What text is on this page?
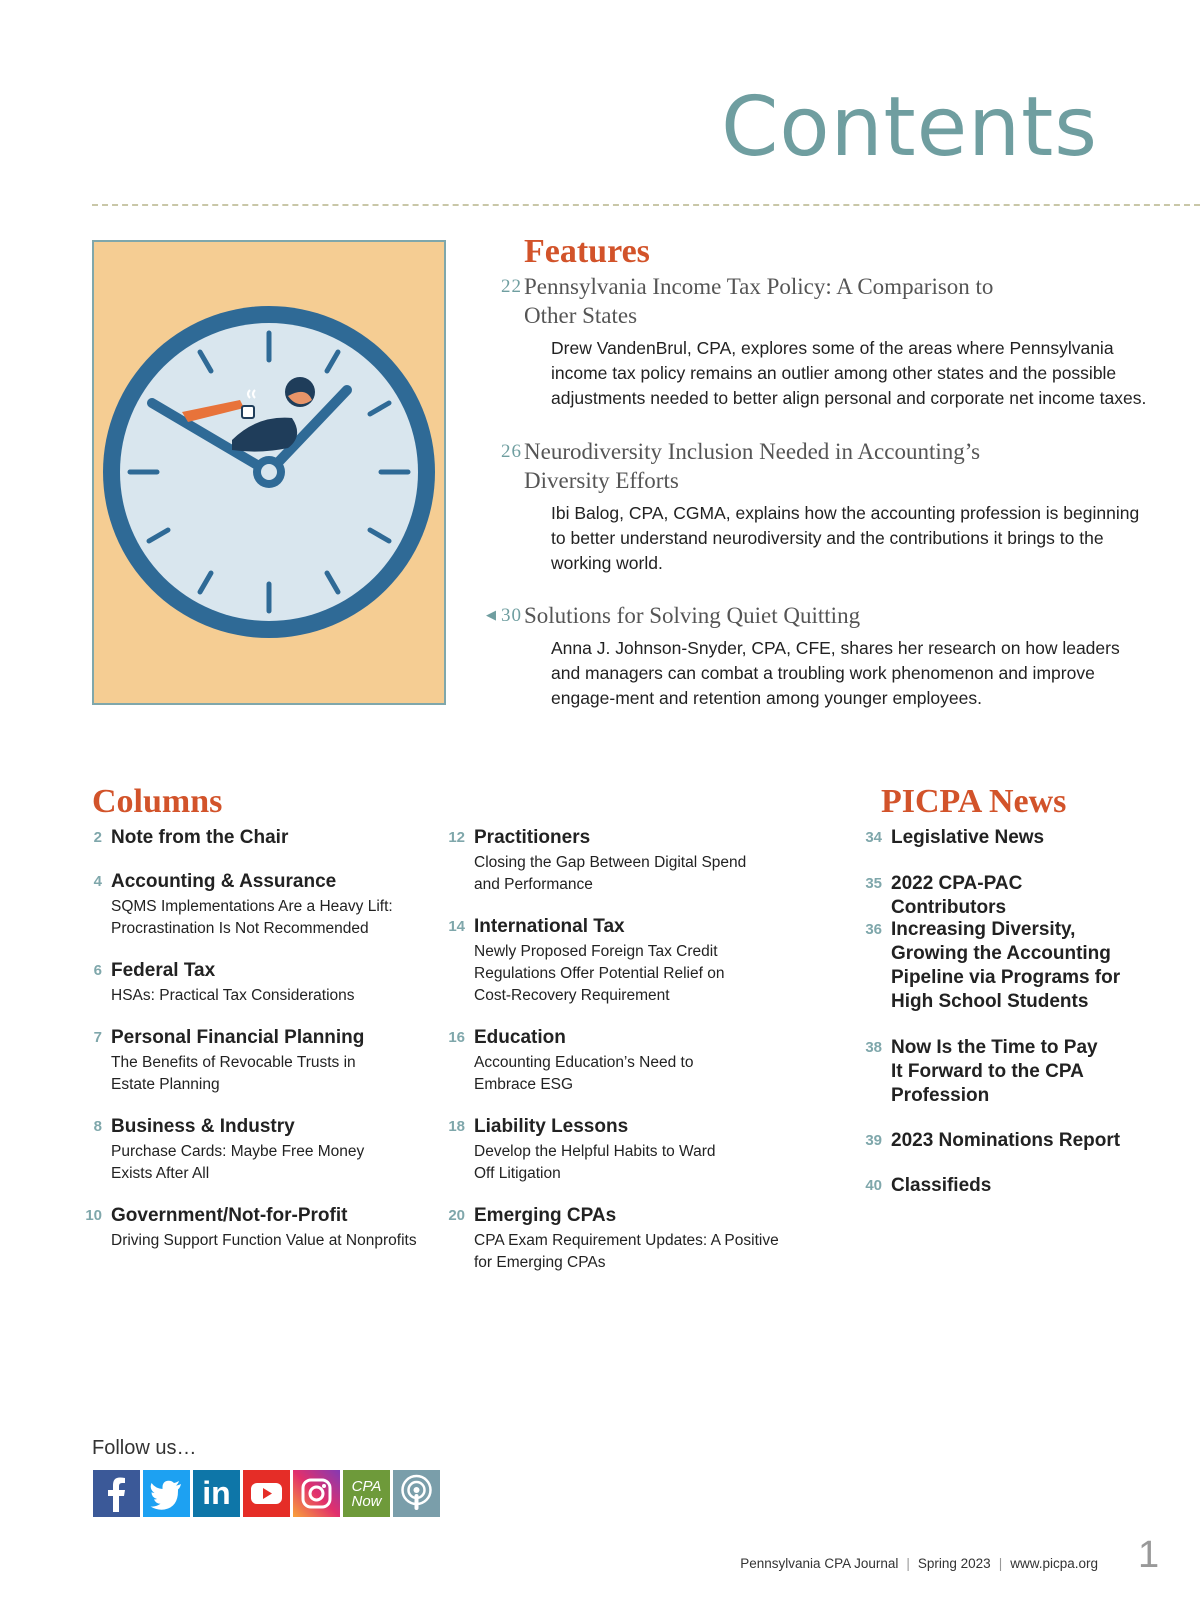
Contents
Features
22 Pennsylvania Income Tax Policy: A Comparison to Other States
Drew VandenBrul, CPA, explores some of the areas where Pennsylvania income tax policy remains an outlier among other states and the possible adjustments needed to better align personal and corporate net income taxes.
26 Neurodiversity Inclusion Needed in Accounting’s Diversity Efforts
Ibi Balog, CPA, CGMA, explains how the accounting profession is beginning to better understand neurodiversity and the contributions it brings to the working world.
◀ 30 Solutions for Solving Quiet Quitting
Anna J. Johnson-Snyder, CPA, CFE, shares her research on how leaders and managers can combat a troubling work phenomenon and improve engage-ment and retention among younger employees.
Columns
2 Note from the Chair
4 Accounting & Assurance
SQMS Implementations Are a Heavy Lift:
Procrastination Is Not Recommended
6 Federal Tax
HSAs: Practical Tax Considerations
7 Personal Financial Planning
The Benefits of Revocable Trusts in
Estate Planning
8 Business & Industry
Purchase Cards: Maybe Free Money
Exists After All
10 Government/Not-for-Profit
Driving Support Function Value at Nonprofits
12 Practitioners
Closing the Gap Between Digital Spend
and Performance
14 International Tax
Newly Proposed Foreign Tax Credit
Regulations Offer Potential Relief on
Cost-Recovery Requirement
16 Education
Accounting Education’s Need to
Embrace ESG
18 Liability Lessons
Develop the Helpful Habits to Ward
Off Litigation
20 Emerging CPAs
CPA Exam Requirement Updates: A Positive
for Emerging CPAs
PICPA News
34 Legislative News
35 2022 CPA-PAC Contributors
36 Increasing Diversity,
Growing the Accounting
Pipeline via Programs for
High School Students
38 Now Is the Time to Pay
It Forward to the CPA
Profession
39 2023 Nominations Report
40 Classifieds
Follow us…
in	CPA
Now
Pennsylvania CPA Journal | Spring 2023 | www.picpa.org 1
